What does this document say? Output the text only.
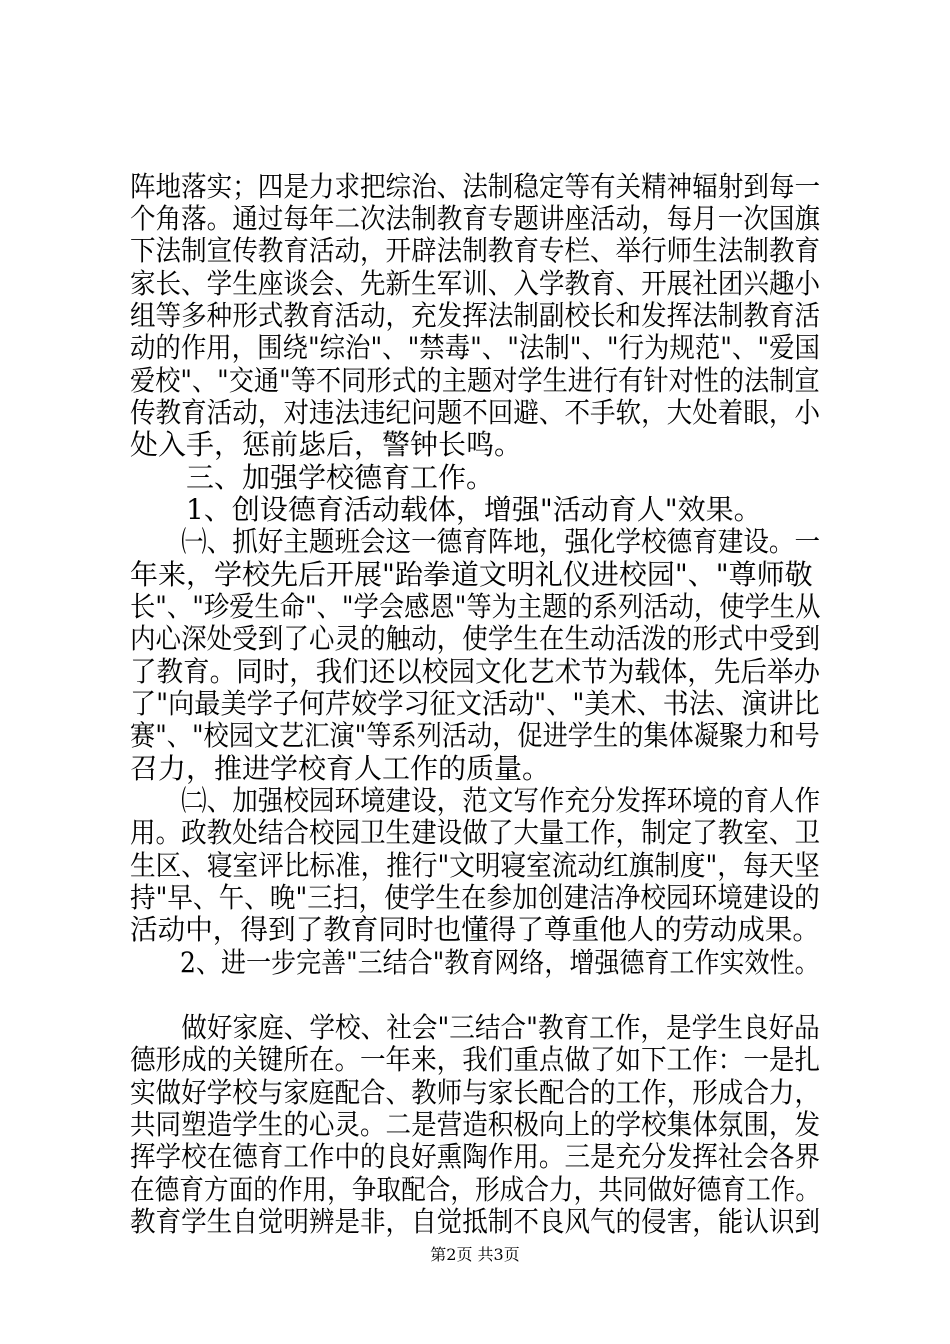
阵地落实；四是力求把综治、法制稳定等有关精神辐射到每一
个角落。通过每年二次法制教育专题讲座活动，每月一次国旗
下法制宣传教育活动，开辟法制教育专栏、举行师生法制教育
家长、学生座谈会、先新生军训、入学教育、开展社团兴趣小
组等多种形式教育活动，充发挥法制副校长和发挥法制教育活
动的作用，围绕"综治"、"禁毒"、"法制"、"行为规范"、"爱国
爱校"、"交通"等不同形式的主题对学生进行有针对性的法制宣
传教育活动，对违法违纪问题不回避、不手软，大处着眼，小
处入手，惩前毖后，警钟长鸣。
　　三、加强学校德育工作。
　　1、创设德育活动载体，增强"活动育人"效果。
　　㈠、抓好主题班会这一德育阵地，强化学校德育建设。一
年来，学校先后开展"跆拳道文明礼仪进校园"、"尊师敬
长"、"珍爱生命"、"学会感恩"等为主题的系列活动，使学生从
内心深处受到了心灵的触动，使学生在生动活泼的形式中受到
了教育。同时，我们还以校园文化艺术节为载体，先后举办
了"向最美学子何芹姣学习征文活动"、"美术、书法、演讲比
赛"、"校园文艺汇演"等系列活动，促进学生的集体凝聚力和号
召力，推进学校育人工作的质量。
　　㈡、加强校园环境建设，范文写作充分发挥环境的育人作
用。政教处结合校园卫生建设做了大量工作，制定了教室、卫
生区、寝室评比标准，推行"文明寝室流动红旗制度"，每天坚
持"早、午、晚"三扫，使学生在参加创建洁净校园环境建设的
活动中，得到了教育同时也懂得了尊重他人的劳动成果。
　　2、进一步完善"三结合"教育网络，增强德育工作实效性。
　　做好家庭、学校、社会"三结合"教育工作，是学生良好品
德形成的关键所在。一年来，我们重点做了如下工作：一是扎
实做好学校与家庭配合、教师与家长配合的工作，形成合力，
共同塑造学生的心灵。二是营造积极向上的学校集体氛围，发
挥学校在德育工作中的良好熏陶作用。三是充分发挥社会各界
在德育方面的作用，争取配合，形成合力，共同做好德育工作。
教育学生自觉明辨是非，自觉抵制不良风气的侵害，能认识到
第2页 共3页
